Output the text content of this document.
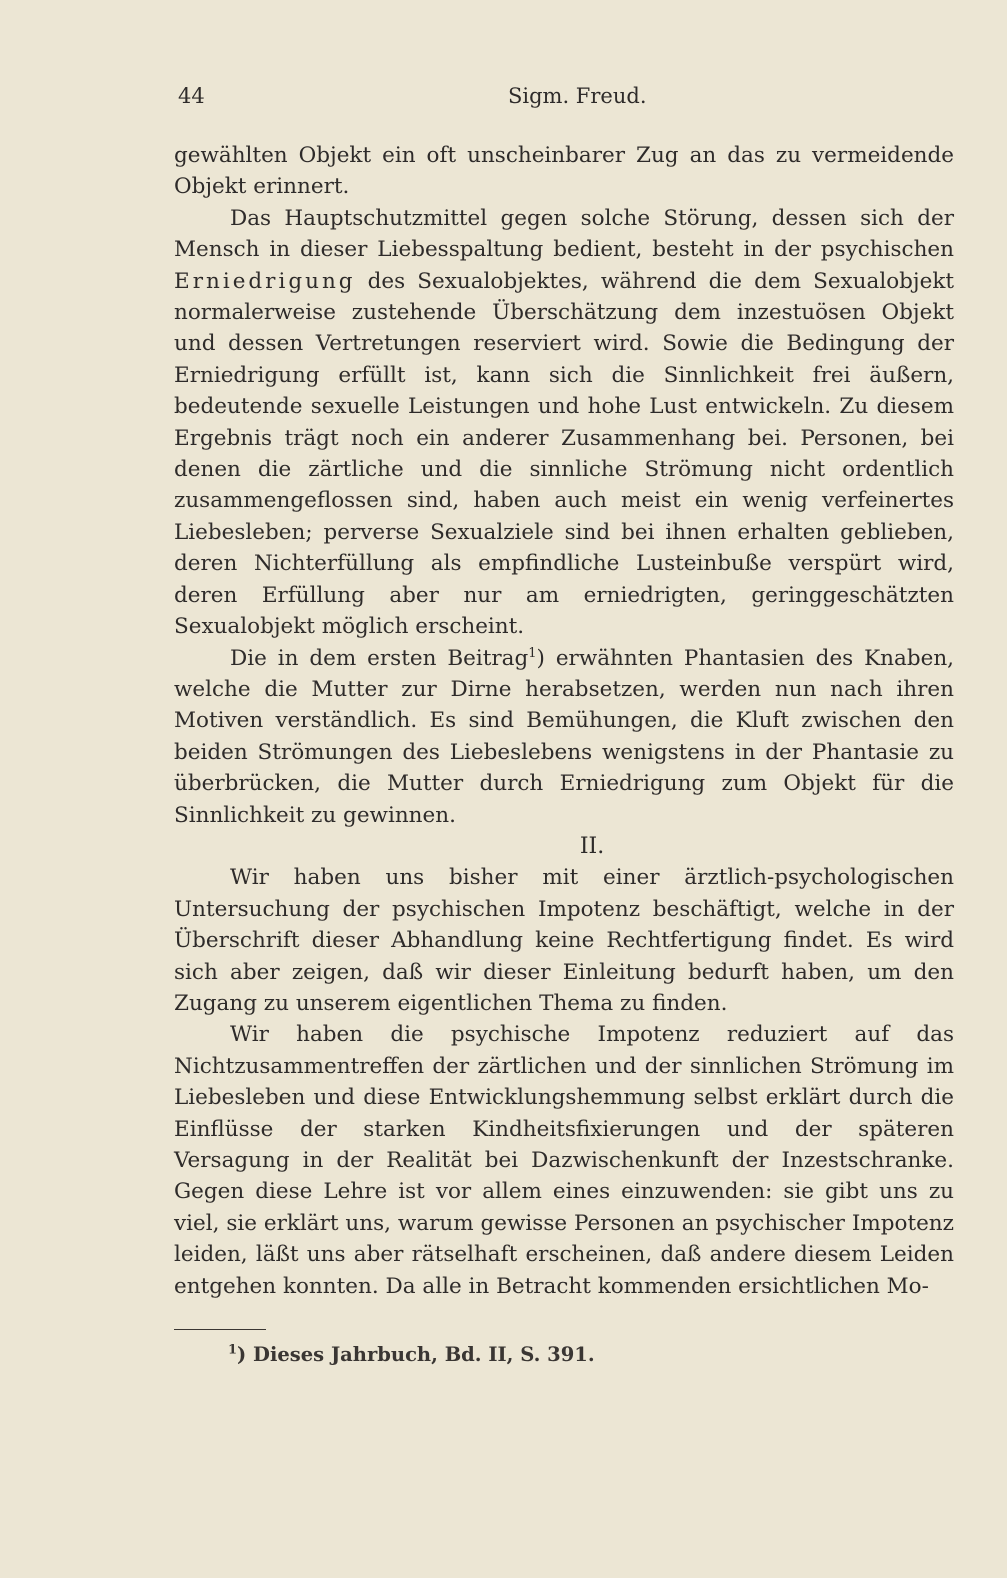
44	Sigm. Freud.

gewählten Objekt ein oft unscheinbarer Zug an das zu vermeidende Objekt erinnert.

Das Hauptschutzmittel gegen solche Störung, dessen sich der Mensch in dieser Liebesspaltung bedient, besteht in der psychischen Erniedrigung des Sexualobjektes, während die dem Sexualobjekt normalerweise zustehende Überschätzung dem inzestuösen Objekt und dessen Vertretungen reserviert wird. Sowie die Bedingung der Erniedrigung erfüllt ist, kann sich die Sinnlichkeit frei äußern, bedeutende sexuelle Leistungen und hohe Lust entwickeln. Zu diesem Ergebnis trägt noch ein anderer Zusammenhang bei. Personen, bei denen die zärtliche und die sinnliche Strömung nicht ordentlich zusammengeflossen sind, haben auch meist ein wenig verfeinertes Liebesleben; perverse Sexualziele sind bei ihnen erhalten geblieben, deren Nichterfüllung als empfindliche Lusteinbuße verspürt wird, deren Erfüllung aber nur am erniedrigten, geringgeschätzten Sexualobjekt möglich erscheint.

Die in dem ersten Beitrag$^1$) erwähnten Phantasien des Knaben, welche die Mutter zur Dirne herabsetzen, werden nun nach ihren Motiven verständlich. Es sind Bemühungen, die Kluft zwischen den beiden Strömungen des Liebeslebens wenigstens in der Phantasie zu überbrücken, die Mutter durch Erniedrigung zum Objekt für die Sinnlichkeit zu gewinnen.

II.

Wir haben uns bisher mit einer ärztlich-psychologischen Untersuchung der psychischen Impotenz beschäftigt, welche in der Überschrift dieser Abhandlung keine Rechtfertigung findet. Es wird sich aber zeigen, daß wir dieser Einleitung bedurft haben, um den Zugang zu unserem eigentlichen Thema zu finden.

Wir haben die psychische Impotenz reduziert auf das Nichtzusammentreffen der zärtlichen und der sinnlichen Strömung im Liebesleben und diese Entwicklungshemmung selbst erklärt durch die Einflüsse der starken Kindheitsfixierungen und der späteren Versagung in der Realität bei Dazwischenkunft der Inzestschranke. Gegen diese Lehre ist vor allem eines einzuwenden: sie gibt uns zu viel, sie erklärt uns, warum gewisse Personen an psychischer Impotenz leiden, läßt uns aber rätselhaft erscheinen, daß andere diesem Leiden entgehen konnten. Da alle in Betracht kommenden ersichtlichen Mo-

$^1$) Dieses Jahrbuch, Bd. II, S. 391.
